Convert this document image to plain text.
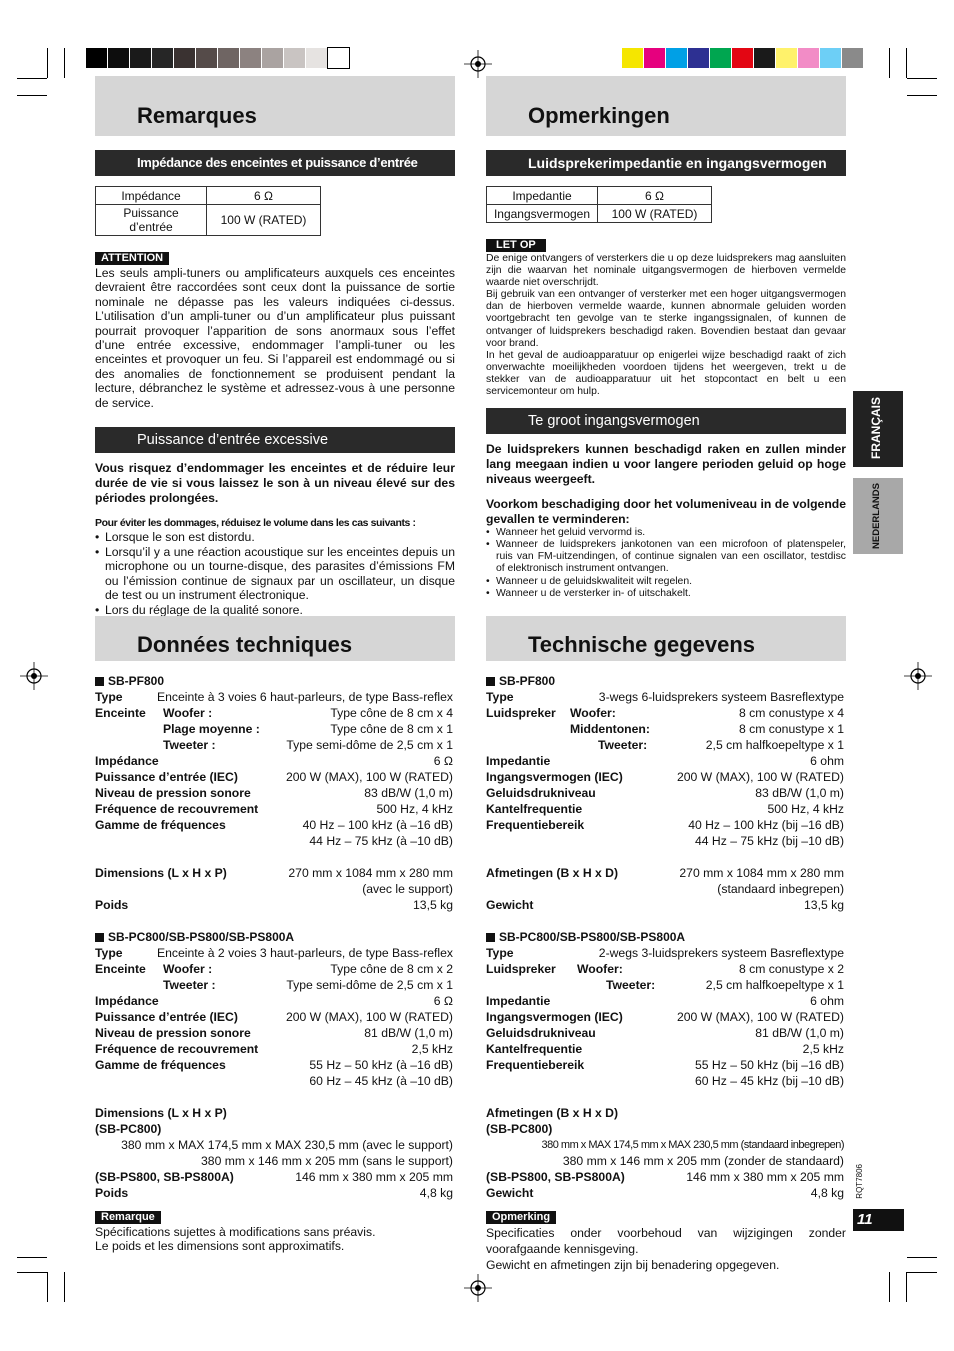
Remarques
Impédance des enceintes et puissance d’entrée
Impédance	6 Ω
Puissance d’entrée	100 W (RATED)
ATTENTION

Les seuls ampli-tuners ou amplificateurs auxquels ces enceintes devraient être raccordées sont ceux dont la puissance de sortie nominale ne dépasse pas les valeurs indiquées ci-dessus. L’utilisation d’un ampli-tuner ou d’un amplificateur plus puissant pourrait provoquer l’apparition de sons anormaux sous l’effet d’une entrée excessive, endommager l’ampli-tuner ou les enceintes et provoquer un feu. Si l’appareil est endommagé ou si des anomalies de fonctionnement se produisent pendant la lecture, débranchez le système et adressez-vous à une personne de service.

Puissance d’entrée excessive
Vous risquez d’endommager les enceintes et de réduire leur durée de vie si vous laissez le son à un niveau élevé sur des périodes prolongées.
Pour éviter les dommages, réduisez le volume dans les cas suivants :
• Lorsque le son est distordu.
• Lorsqu’il y a une réaction acoustique sur les enceintes depuis un microphone ou un tourne-disque, des parasites d’émissions FM ou l’émission continue de signaux par un oscillateur, un disque de test ou un instrument électronique.
• Lors du réglage de la qualité sonore.
•
Données techniques
SB-PF800
Type	Enceinte à 3 voies 6 haut-parleurs, de type Bass-reflex
Enceinte Woofer :	Type cône de 8 cm x 4
Plage moyenne :	Type cône de 8 cm x 1
Tweeter :	Type semi-dôme de 2,5 cm x 1
Impédance	6 Ω
Puissance d’entrée (IEC)	200 W (MAX), 100 W (RATED)
Niveau de pression sonore	83 dB/W (1,0 m)
Fréquence de recouvrement	500 Hz, 4 kHz
Gamme de fréquences	40 Hz – 100 kHz (à –16 dB)
44 Hz – 75 kHz (à –10 dB)
Dimensions (L x H x P)	270 mm x 1084 mm x 280 mm
(avec le support)
Poids	13,5 kg
SB-PC800/SB-PS800/SB-PS800A
Type	Enceinte à 2 voies 3 haut-parleurs, de type Bass-reflex
Enceinte Woofer :	Type cône de 8 cm x 2
Tweeter :	Type semi-dôme de 2,5 cm x 1
Impédance	6 Ω
Puissance d’entrée (IEC)	200 W (MAX), 100 W (RATED)
Niveau de pression sonore	81 dB/W (1,0 m)
Fréquence de recouvrement	2,5 kHz
Gamme de fréquences	55 Hz – 50 kHz (à –16 dB)
60 Hz – 45 kHz (à –10 dB)
Dimensions (L x H x P)
(SB-PC800)
380 mm x MAX 174,5 mm x MAX 230,5 mm (avec le support)
380 mm x 146 mm x 205 mm (sans le support)
(SB-PS800, SB-PS800A)	146 mm x 380 mm x 205 mm
Poids	4,8 kg
Remarque

Spécifications sujettes à modifications sans préavis.

Le poids et les dimensions sont approximatifs.

Opmerkingen
Luidsprekerimpedantie en ingangsvermogen
Impedantie	6 Ω
Ingangsvermogen	100 W (RATED)
LET OP

De enige ontvangers of versterkers die u op deze luidsprekers mag aansluiten zijn die waarvan het nominale uitgangsvermogen de hierboven vermelde waarde niet overschrijdt.

Bij gebruik van een ontvanger of versterker met een hoger uitgangsvermogen dan de hierboven vermelde waarde, kunnen abnormale geluiden worden voortgebracht ten gevolge van te sterke ingangssignalen, of kunnen de ontvanger of luidsprekers beschadigd raken. Bovendien bestaat dan gevaar voor brand.

In het geval de audioapparatuur op enigerlei wijze beschadigd raakt of zich onverwachte moeilijkheden voordoen tijdens het weergeven, trekt u de stekker van de audioapparatuur uit het stopcontact en belt u een servicemonteur om hulp.

Te groot ingangsvermogen
De luidsprekers kunnen beschadigd raken en zullen minder lang meegaan indien u voor langere perioden geluid op hoge niveaus weergeeft.
Voorkom beschadiging door het volumeniveau in de volgende gevallen te verminderen:
• Wanneer het geluid vervormd is.
• Wanneer de luidsprekers jankotonen van een microfoon of platenspeler, ruis van FM-uitzendingen, of continue signalen van een oscillator, testdisc of elektronisch instrument ontvangen.
• Wanneer u de geluidskwaliteit wilt regelen.
• Wanneer u de versterker in- of uitschakelt.
Technische gegevens
SB-PF800
Type	3-wegs 6-luidsprekers systeem Basreflextype
Luidspreker Woofer:	8 cm conustype x 4
Middentonen:	8 cm conustype x 1
Tweeter:	2,5 cm halfkoepeltype x 1
Impedantie	6 ohm
Ingangsvermogen (IEC)	200 W (MAX), 100 W (RATED)
Geluidsdrukniveau	83 dB/W (1,0 m)
Kantelfrequentie	500 Hz, 4 kHz
Frequentiebereik	40 Hz – 100 kHz (bij –16 dB)
44 Hz – 75 kHz (bij –10 dB)
Afmetingen (B x H x D)	270 mm x 1084 mm x 280 mm
(standaard inbegrepen)
Gewicht	13,5 kg
SB-PC800/SB-PS800/SB-PS800A
Type	2-wegs 3-luidsprekers systeem Basreflextype
Luidspreker Woofer:	8 cm conustype x 2
Tweeter:	2,5 cm halfkoepeltype x 1
Impedantie	6 ohm
Ingangsvermogen (IEC)	200 W (MAX), 100 W (RATED)
Geluidsdrukniveau	81 dB/W (1,0 m)
Kantelfrequentie	2,5 kHz
Frequentiebereik	55 Hz – 50 kHz (bij –16 dB)
60 Hz – 45 kHz (bij –10 dB)
Afmetingen (B x H x D)
(SB-PC800)
380 mm x MAX 174,5 mm x MAX 230,5 mm (standaard inbegrepen)
380 mm x 146 mm x 205 mm (zonder de standaard)
(SB-PS800, SB-PS800A)	146 mm x 380 mm x 205 mm
Gewicht	4,8 kg
Opmerking

Specificaties onder voorbehoud van wijzigingen zonder voorafgaande kennisgeving.

Gewicht en afmetingen zijn bij benadering opgegeven.

FRANÇAIS
NEDERLANDS
RQT7806
11
